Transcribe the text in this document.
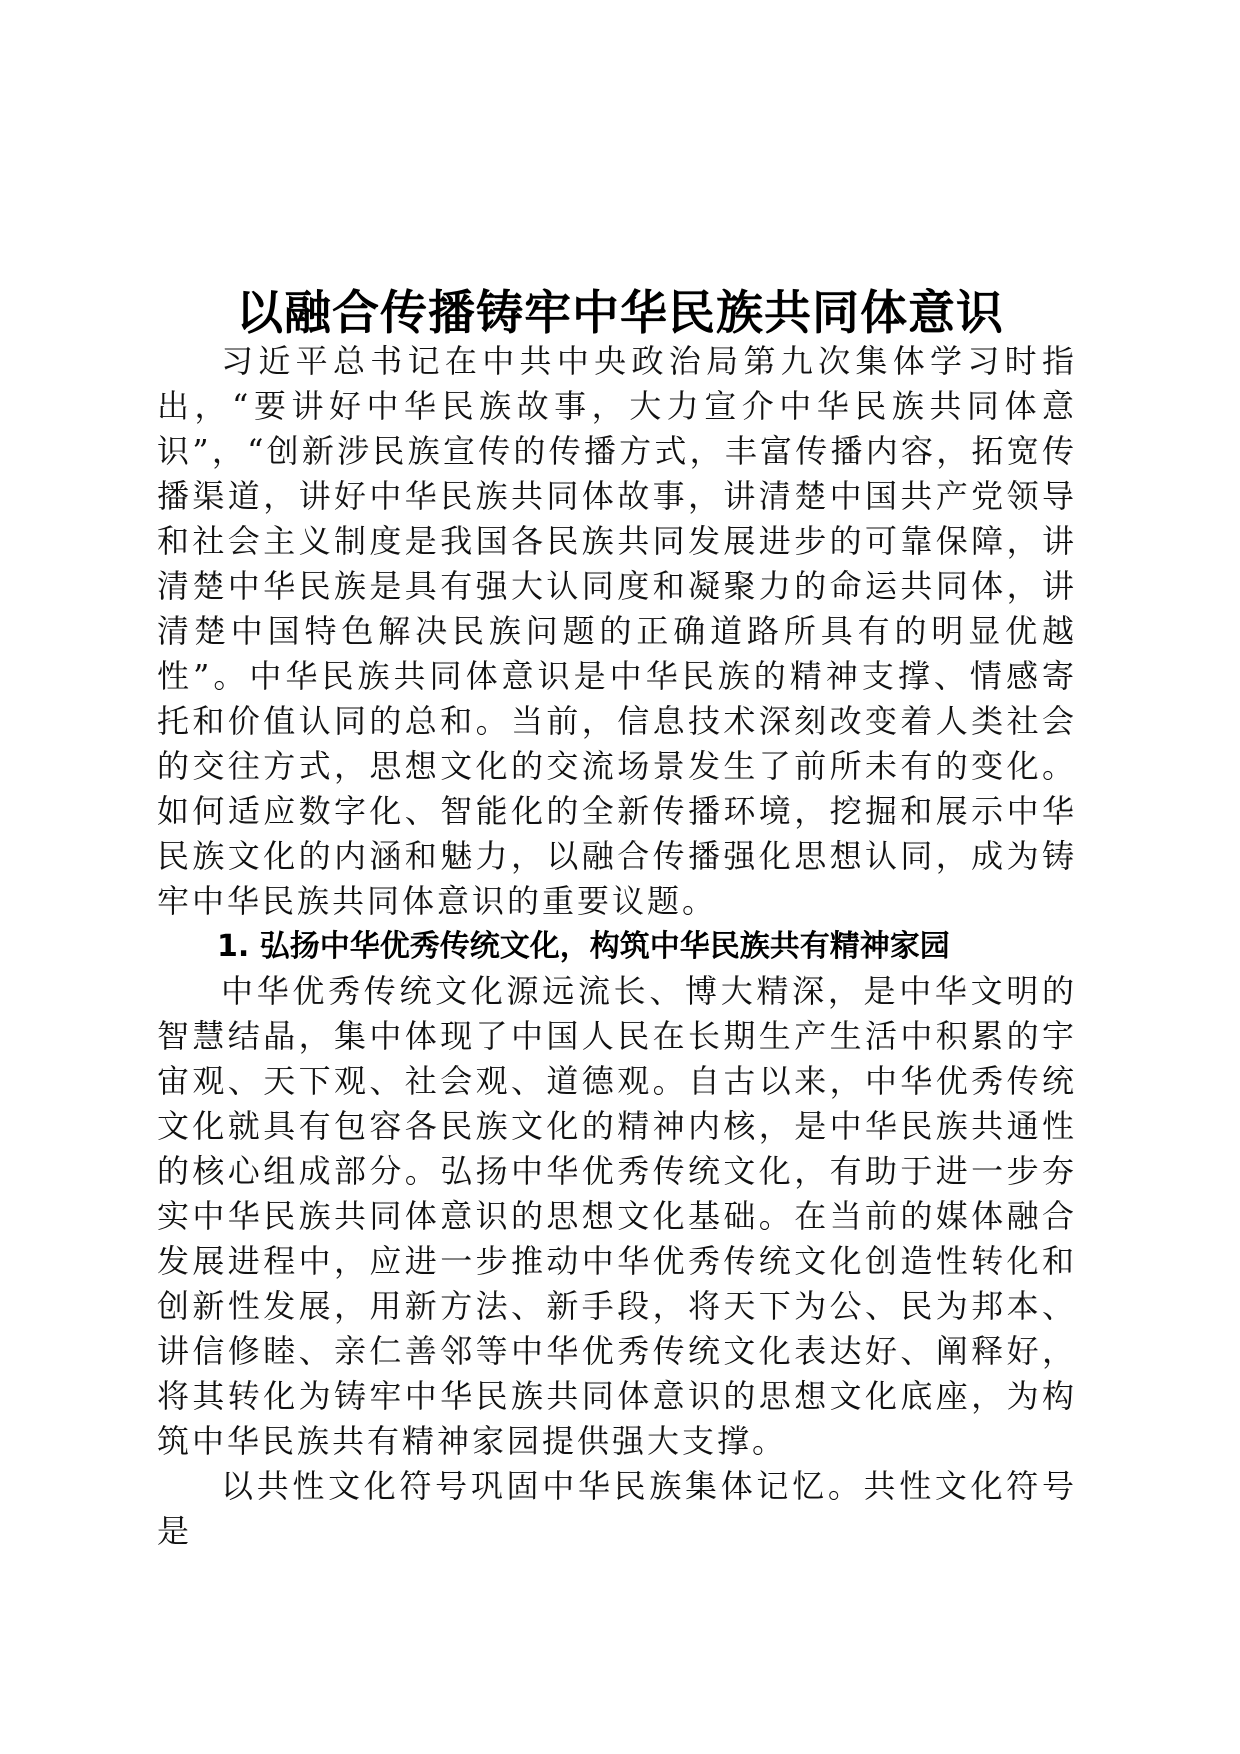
以融合传播铸牢中华民族共同体意识

习近平总书记在中共中央政治局第九次集体学习时指出，“要讲好中华民族故事，大力宣介中华民族共同体意识”，“创新涉民族宣传的传播方式，丰富传播内容，拓宽传播渠道，讲好中华民族共同体故事，讲清楚中国共产党领导和社会主义制度是我国各民族共同发展进步的可靠保障，讲清楚中华民族是具有强大认同度和凝聚力的命运共同体，讲清楚中国特色解决民族问题的正确道路所具有的明显优越性”。中华民族共同体意识是中华民族的精神支撑、情感寄托和价值认同的总和。当前，信息技术深刻改变着人类社会的交往方式，思想文化的交流场景发生了前所未有的变化。如何适应数字化、智能化的全新传播环境，挖掘和展示中华民族文化的内涵和魅力，以融合传播强化思想认同，成为铸牢中华民族共同体意识的重要议题。

1. 弘扬中华优秀传统文化，构筑中华民族共有精神家园

中华优秀传统文化源远流长、博大精深，是中华文明的智慧结晶，集中体现了中国人民在长期生产生活中积累的宇宙观、天下观、社会观、道德观。自古以来，中华优秀传统文化就具有包容各民族文化的精神内核，是中华民族共通性的核心组成部分。弘扬中华优秀传统文化，有助于进一步夯实中华民族共同体意识的思想文化基础。在当前的媒体融合发展进程中，应进一步推动中华优秀传统文化创造性转化和创新性发展，用新方法、新手段，将天下为公、民为邦本、讲信修睦、亲仁善邻等中华优秀传统文化表达好、阐释好，将其转化为铸牢中华民族共同体意识的思想文化底座，为构筑中华民族共有精神家园提供强大支撑。

以共性文化符号巩固中华民族集体记忆。共性文化符号是
